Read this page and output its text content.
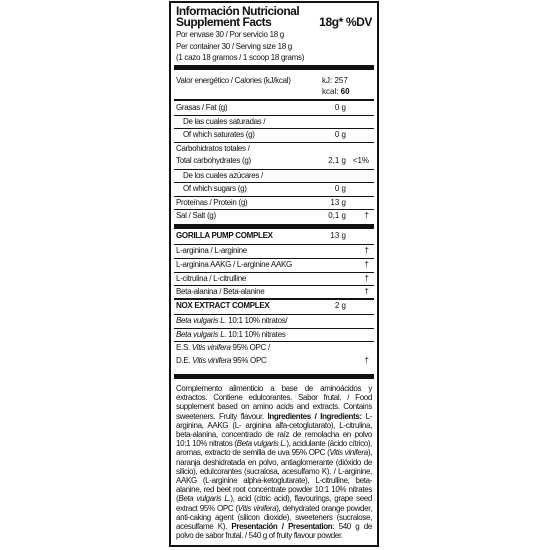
Información Nutricional
Supplement Facts	18g* %DV
Por envase 30 / Por servicio 18 g
Per container 30 / Serving size 18 g
(1 cazo 18 gramos / 1 scoop 18 grams)
Valor energético / Calories (kJ/kcal)	kJ: 257
kcal: 60
Grasas / Fat (g)	0 g
De las cuales saturadas /
Of which saturates (g)	0 g
Carbohidratos totales /
Total carbohydrates (g)	2,1 g <1%
De los cuales azúcares /
Of which sugars (g)	0 g
Proteínas / Protein (g)	13 g
Sal / Salt (g)	0,1 g †
GORILLA PUMP COMPLEX	13 g
L-arginina / L-arginine	†
L-arginina AAKG / L-arginine AAKG	†
L-citrulina / L-citrulline	†
Beta-alanina / Beta-alanine	†
NOX EXTRACT COMPLEX	2 g
Beta vulgaris L. 10:1 10% nitratos/
Beta vulgaris L. 10:1 10% nitrates
E.S. Vitis vinifera 95% OPC /
D.E. Vitis vinifera 95% OPC	†
Complemento alimenticio a base de aminoácidos y extractos. Contiene edulcorantes. Sabor frutal. / Food supplement based on amino acids and extracts. Contains sweeteners. Fruity flavour. Ingredientes / Ingredients: L-arginina, AAKG (L- arginina alfa-cetoglutarato), L-citrulina, beta-alanina, concentrado de raíz de remolacha en polvo 10:1 10% nitratos (Beta vulgaris L.), acidulante (ácido cítrico), aromas, extracto de semilla de uva 95% OPC (Vitis vinifera), naranja deshidratada en polvo, antiaglomerante (dióxido de silicio), edulcorantes (sucralosa, acesulfamo K). / L-arginine, AAKG (L-arginine alpha-ketoglutarate), L-citrulline, beta-alanine, red beet root concentrate powder 10:1 10% nitrates (Beta vulgaris L.), acid (citric acid), flavourings, grape seed extract 95% OPC (Vitis vinifera), dehydrated orange powder, anti-caking agent (silicon dioxide), sweeteners (sucralose, acesulfame K). Presentación / Presentation: 540 g de polvo de sabor frutal. / 540 g of fruity flavour powder.
